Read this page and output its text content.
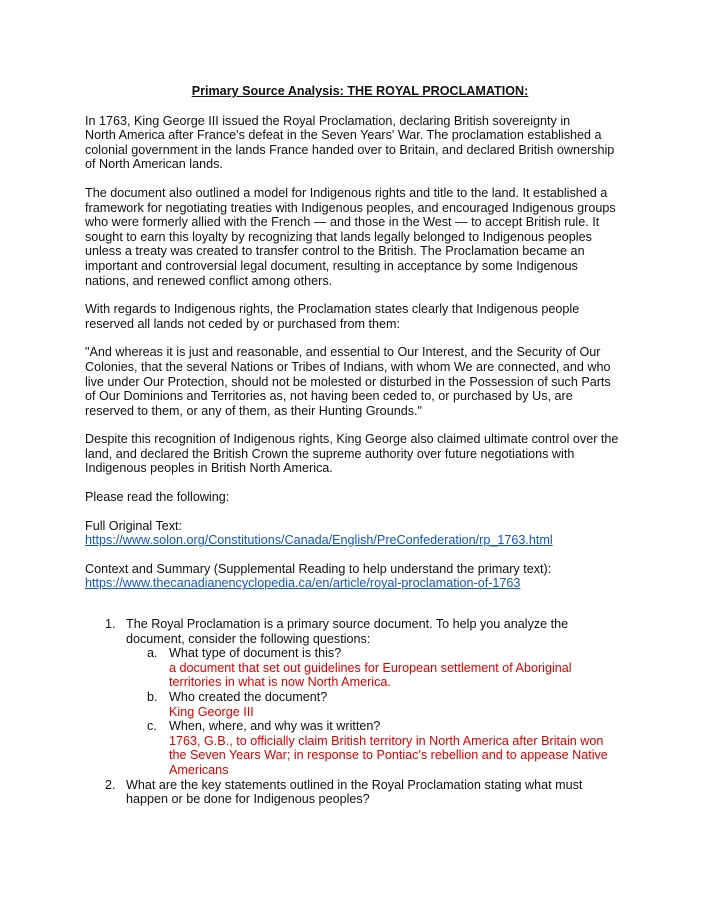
Primary Source Analysis: THE ROYAL PROCLAMATION:

In 1763, King George III issued the Royal Proclamation, declaring British sovereignty in
North America after France's defeat in the Seven Years' War. The proclamation established a
colonial government in the lands France handed over to Britain, and declared British ownership
of North American lands.

The document also outlined a model for Indigenous rights and title to the land. It established a
framework for negotiating treaties with Indigenous peoples, and encouraged Indigenous groups
who were formerly allied with the French — and those in the West — to accept British rule. It
sought to earn this loyalty by recognizing that lands legally belonged to Indigenous peoples
unless a treaty was created to transfer control to the British. The Proclamation became an
important and controversial legal document, resulting in acceptance by some Indigenous
nations, and renewed conflict among others.

With regards to Indigenous rights, the Proclamation states clearly that Indigenous people
reserved all lands not ceded by or purchased from them:

"And whereas it is just and reasonable, and essential to Our Interest, and the Security of Our
Colonies, that the several Nations or Tribes of Indians, with whom We are connected, and who
live under Our Protection, should not be molested or disturbed in the Possession of such Parts
of Our Dominions and Territories as, not having been ceded to, or purchased by Us, are
reserved to them, or any of them, as their Hunting Grounds."

Despite this recognition of Indigenous rights, King George also claimed ultimate control over the
land, and declared the British Crown the supreme authority over future negotiations with
Indigenous peoples in British North America.

Please read the following:

Full Original Text:
https://www.solon.org/Constitutions/Canada/English/PreConfederation/rp_1763.html

Context and Summary (Supplemental Reading to help understand the primary text):
https://www.thecanadianencyclopedia.ca/en/article/royal-proclamation-of-1763

1. The Royal Proclamation is a primary source document. To help you analyze the
document, consider the following questions:
a. What type of document is this?
a document that set out guidelines for European settlement of Aboriginal
territories in what is now North America.
b. Who created the document?
King George III
c. When, where, and why was it written?
1763, G.B., to officially claim British territory in North America after Britain won
the Seven Years War; in response to Pontiac's rebellion and to appease Native
Americans
2. What are the key statements outlined in the Royal Proclamation stating what must
happen or be done for Indigenous peoples?
